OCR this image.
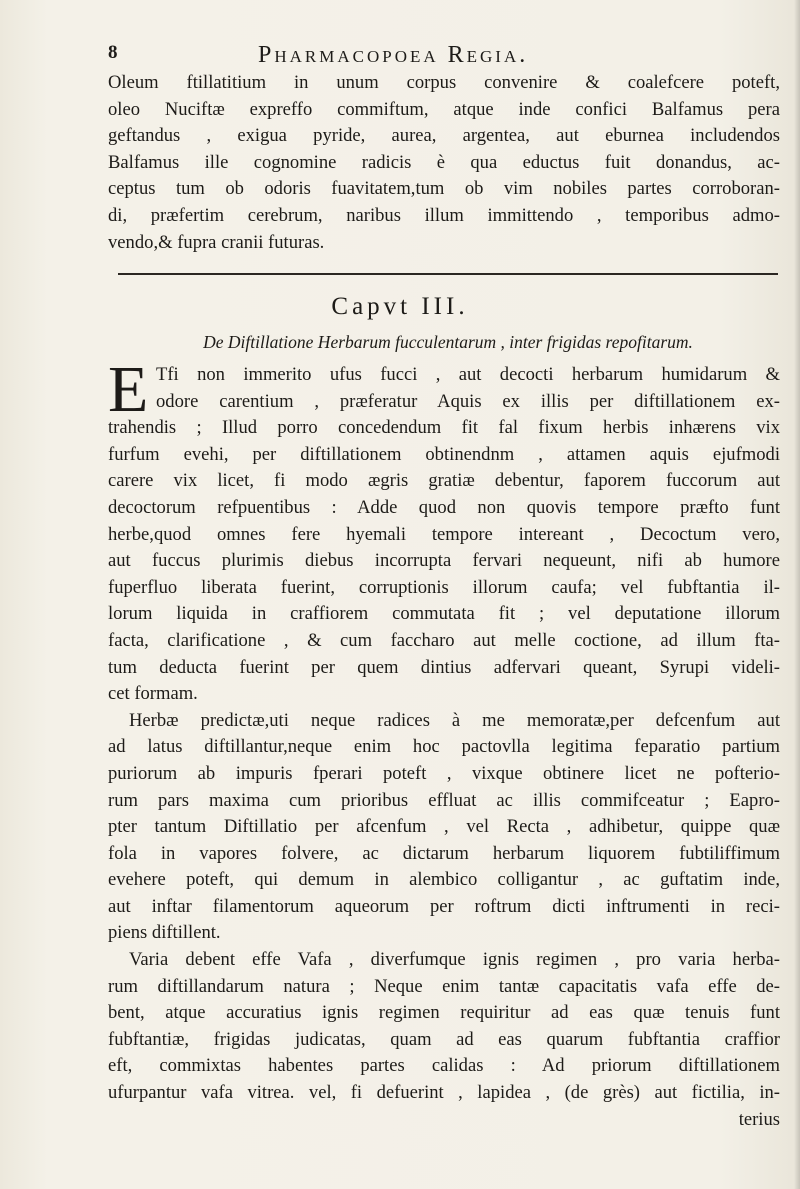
8	Pharmacopoea Regia.
Oleum ftillatitium in unum corpus convenire & coalefcere poteft,
oleo Nuciftæ expreffo commiftum, atque inde confici Balfamus pera
geftandus , exigua pyride, aurea, argentea, aut eburnea includendos
Balfamus ille cognomine radicis è qua eductus fuit donandus, ac-
ceptus tum ob odoris fuavitatem,tum ob vim nobiles partes corroboran-
di, præfertim cerebrum, naribus illum immittendo , temporibus admo-
vendo,& fupra cranii futuras.
Capvt III.
De Diftillatione Herbarum fucculentarum , inter frigidas repofitarum.
E Tfi non immerito ufus fucci , aut decocti herbarum humidarum &
odore carentium , præferatur Aquis ex illis per diftillationem ex-
trahendis ; Illud porro concedendum fit fal fixum herbis inhærens vix
furfum evehi, per diftillationem obtinendnm , attamen aquis ejufmodi
carere vix licet, fi modo ægris gratiæ debentur, faporem fuccorum aut
decoctorum refpuentibus : Adde quod non quovis tempore præfto funt
herbe,quod omnes fere hyemali tempore intereant , Decoctum vero,
aut fuccus plurimis diebus incorrupta fervari nequeunt, nifi ab humore
fuperfluo liberata fuerint, corruptionis illorum caufa; vel fubftantia il-
lorum liquida in craffiorem commutata fit ; vel deputatione illorum
facta, clarificatione , & cum faccharo aut melle coctione, ad illum fta-
tum deducta fuerint per quem dintius adfervari queant, Syrupi videli-
cet formam.
Herbæ predictæ,uti neque radices à me memoratæ,per defcenfum aut
ad latus diftillantur,neque enim hoc pactovlla legitima feparatio partium
puriorum ab impuris fperari poteft , vixque obtinere licet ne pofterio-
rum pars maxima cum prioribus effluat ac illis commifceatur ; Eapro-
pter tantum Diftillatio per afcenfum , vel Recta , adhibetur, quippe quæ
fola in vapores folvere, ac dictarum herbarum liquorem fubtiliffimum
evehere poteft, qui demum in alembico colligantur , ac guftatim inde,
aut inftar filamentorum aqueorum per roftrum dicti inftrumenti in reci-
piens diftillent.
Varia debent effe Vafa , diverfumque ignis regimen , pro varia herba-
rum diftillandarum natura ; Neque enim tantæ capacitatis vafa effe de-
bent, atque accuratius ignis regimen requiritur ad eas quæ tenuis funt
fubftantiæ, frigidas judicatas, quam ad eas quarum fubftantia craffior
eft, commixtas habentes partes calidas : Ad priorum diftillationem
ufurpantur vafa vitrea. vel, fi defuerint , lapidea , (de grès) aut fictilia, in-
terius
